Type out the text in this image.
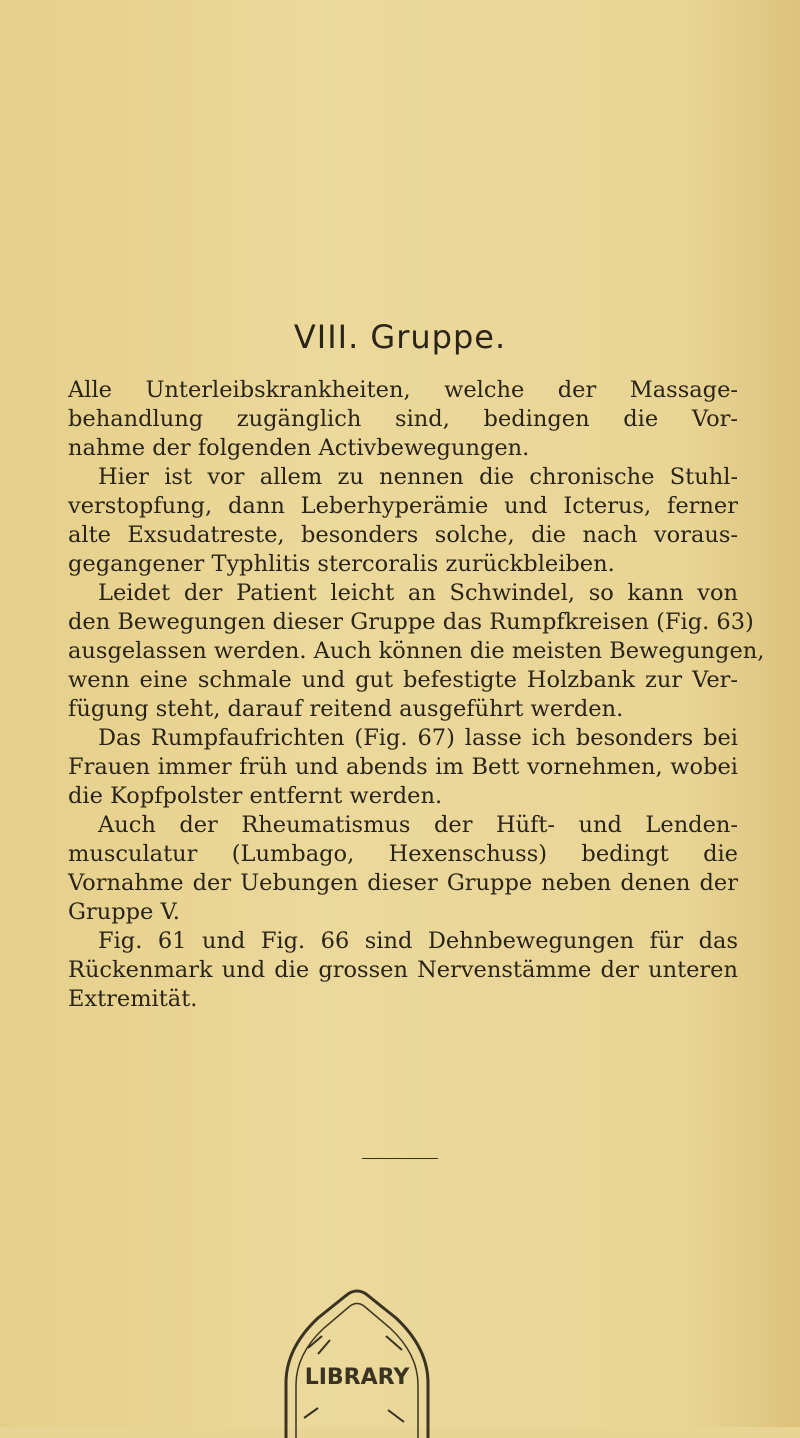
VIII. Gruppe.
Alle Unterleibskrankheiten, welche der Massage-
behandlung zugänglich sind, bedingen die Vor-
nahme der folgenden Activbewegungen.
Hier ist vor allem zu nennen die chronische Stuhl-
verstopfung, dann Leberhyperämie und Icterus, ferner
alte Exsudatreste, besonders solche, die nach voraus-
gegangener Typhlitis stercoralis zurückbleiben.
Leidet der Patient leicht an Schwindel, so kann von
den Bewegungen dieser Gruppe das Rumpfkreisen (Fig. 63)
ausgelassen werden. Auch können die meisten Bewegungen,
wenn eine schmale und gut befestigte Holzbank zur Ver-
fügung steht, darauf reitend ausgeführt werden.
Das Rumpfaufrichten (Fig. 67) lasse ich besonders bei
Frauen immer früh und abends im Bett vornehmen, wobei
die Kopfpolster entfernt werden.
Auch der Rheumatismus der Hüft- und Lenden-
musculatur (Lumbago, Hexenschuss) bedingt die
Vornahme der Uebungen dieser Gruppe neben denen der
Gruppe V.
Fig. 61 und Fig. 66 sind Dehnbewegungen für das
Rückenmark und die grossen Nervenstämme der unteren
Extremität.
LIBRARY
